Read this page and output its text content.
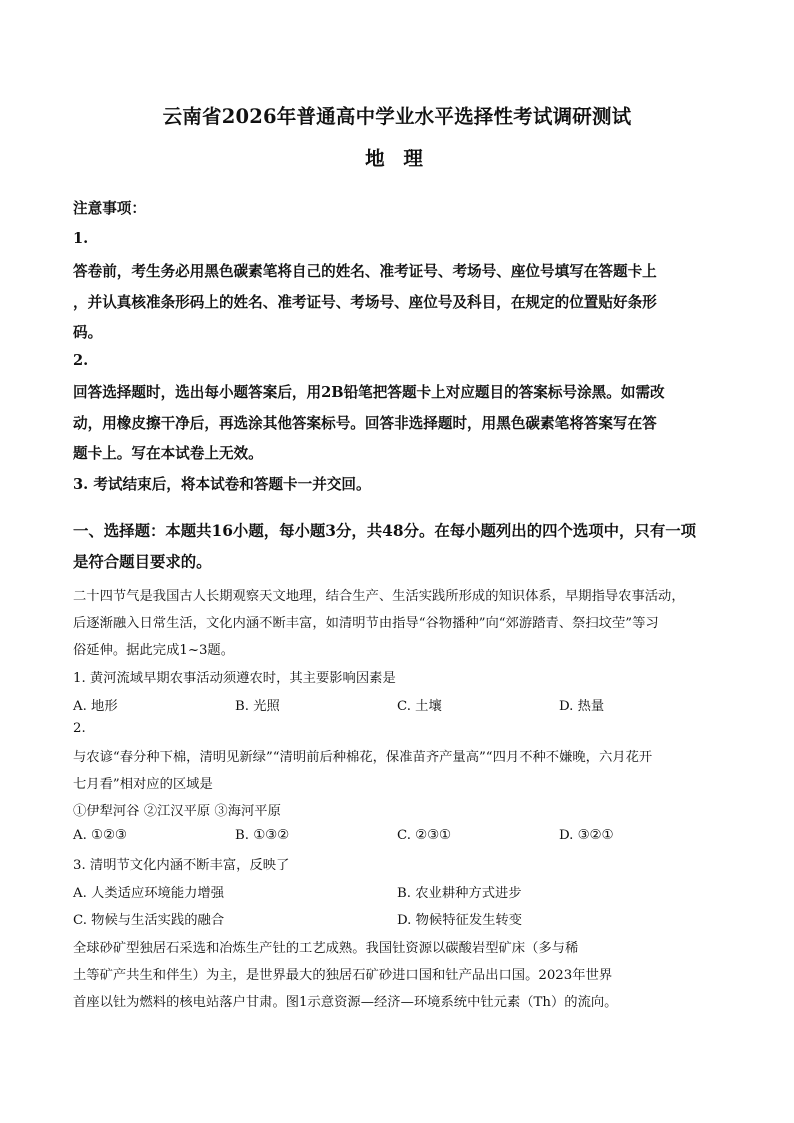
云南省2026年普通高中学业水平选择性考试调研测试
地 理
注意事项：
1.
答卷前，考生务必用黑色碳素笔将自己的姓名、准考证号、考场号、座位号填写在答题卡上
，并认真核准条形码上的姓名、准考证号、考场号、座位号及科目，在规定的位置贴好条形
码。
2.
回答选择题时，选出每小题答案后，用2B铅笔把答题卡上对应题目的答案标号涂黑。如需改
动，用橡皮擦干净后，再选涂其他答案标号。回答非选择题时，用黑色碳素笔将答案写在答
题卡上。写在本试卷上无效。
3. 考试结束后，将本试卷和答题卡一并交回。
一、选择题：本题共16小题，每小题3分，共48分。在每小题列出的四个选项中，只有一项
是符合题目要求的。
二十四节气是我国古人长期观察天文地理，结合生产、生活实践所形成的知识体系，早期指导农事活动，
后逐渐融入日常生活，文化内涵不断丰富，如清明节由指导“谷物播种”向“郊游踏青、祭扫坟茔”等习
俗延伸。据此完成1~3题。
1. 黄河流域早期农事活动须遵农时，其主要影响因素是
A. 地形	B. 光照	C. 土壤	D. 热量
2.
与农谚“春分种下棉，清明见新绿”“清明前后种棉花，保准苗齐产量高”“四月不种不嫌晚，六月花开
七月看”相对应的区域是
①伊犁河谷 ②江汉平原 ③海河平原
A. ①②③	B. ①③②	C. ②③①	D. ③②①
3. 清明节文化内涵不断丰富，反映了
A. 人类适应环境能力增强	B. 农业耕种方式进步
C. 物候与生活实践的融合	D. 物候特征发生转变
全球砂矿型独居石采选和冶炼生产钍的工艺成熟。我国钍资源以碳酸岩型矿床（多与稀
土等矿产共生和伴生）为主，是世界最大的独居石矿砂进口国和钍产品出口国。2023年世界
首座以钍为燃料的核电站落户甘肃。图1示意资源—经济—环境系统中钍元素（Th）的流向。
